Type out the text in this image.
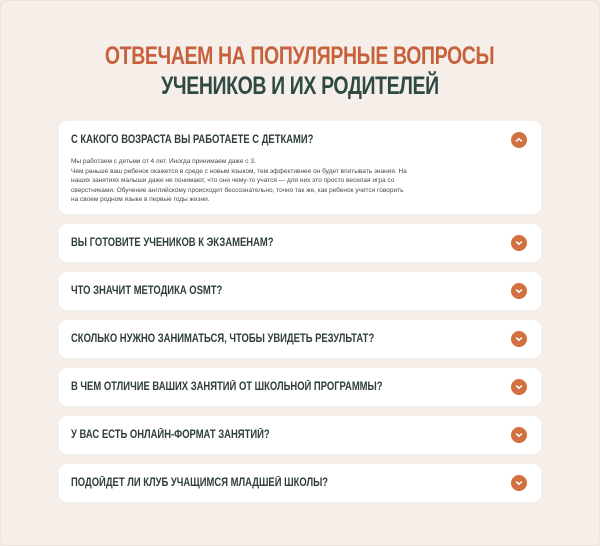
ОТВЕЧАЕМ НА ПОПУЛЯРНЫЕ ВОПРОСЫ
УЧЕНИКОВ И ИХ РОДИТЕЛЕЙ
С КАКОГО ВОЗРАСТА ВЫ РАБОТАЕТЕ С ДЕТКАМИ?

Мы работаем с детьми от 4 лет. Иногда принимаем даже с 3.

Чем раньше ваш ребенок окажется в среде с новым языком, тем эффективнее он будет впитывать знания. На наших занятиях малыши даже не понимают, что они чему-то учатся — для них это просто веселая игра со сверстниками. Обучение английскому происходит бессознательно, точно так же, как ребенок учится говорить на своем родном языке в первые годы жизни.

ВЫ ГОТОВИТЕ УЧЕНИКОВ К ЭКЗАМЕНАМ?
ЧТО ЗНАЧИТ МЕТОДИКА OSMT?
СКОЛЬКО НУЖНО ЗАНИМАТЬСЯ, ЧТОБЫ УВИДЕТЬ РЕЗУЛЬТАТ?
В ЧЕМ ОТЛИЧИЕ ВАШИХ ЗАНЯТИЙ ОТ ШКОЛЬНОЙ ПРОГРАММЫ?
У ВАС ЕСТЬ ОНЛАЙН-ФОРМАТ ЗАНЯТИЙ?
ПОДОЙДЕТ ЛИ КЛУБ УЧАЩИМСЯ МЛАДШЕЙ ШКОЛЫ?
